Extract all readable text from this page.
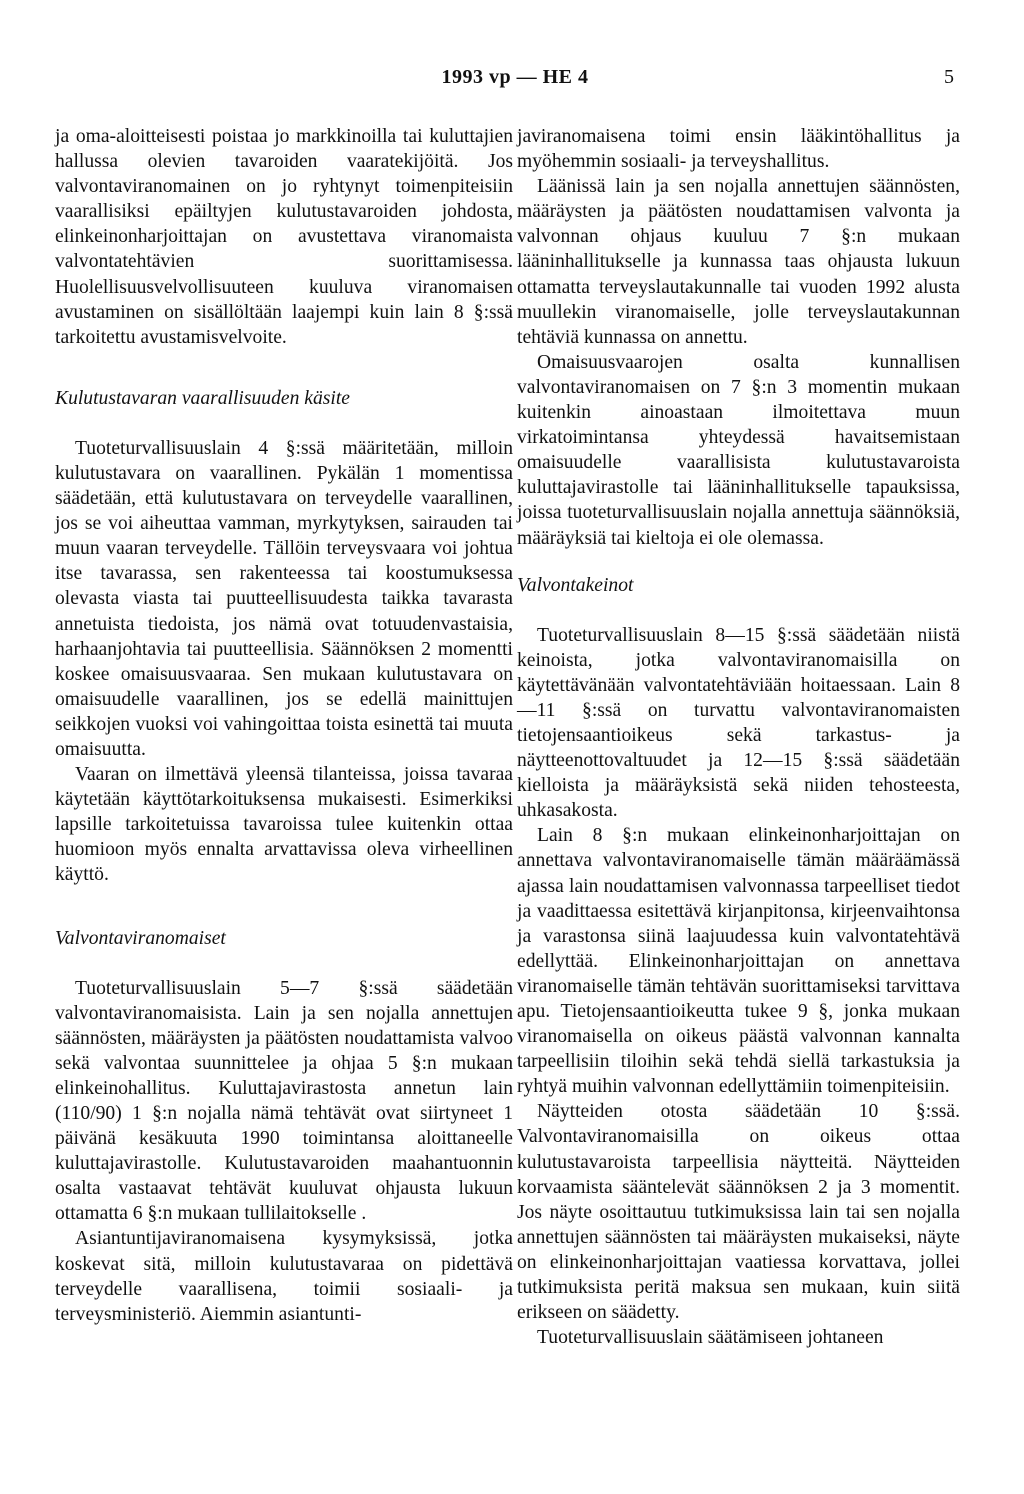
1993 vp — HE 4	5

ja oma-aloitteisesti poistaa jo markkinoilla tai kuluttajien hallussa olevien tavaroiden vaaratekijöitä. Jos valvontaviranomainen on jo ryhtynyt toimenpiteisiin vaarallisiksi epäiltyjen kulutustavaroiden johdosta, elinkeinonharjoittajan on avustettava viranomaista valvontatehtävien suorittamisessa. Huolellisuusvelvollisuuteen kuuluva viranomaisen avustaminen on sisällöltään laajempi kuin lain 8 §:ssä tarkoitettu avustamisvelvoite.

Kulutustavaran vaarallisuuden käsite

Tuoteturvallisuuslain 4 §:ssä määritetään, milloin kulutustavara on vaarallinen. Pykälän 1 momentissa säädetään, että kulutustavara on terveydelle vaarallinen, jos se voi aiheuttaa vamman, myrkytyksen, sairauden tai muun vaaran terveydelle. Tällöin terveysvaara voi johtua itse tavarassa, sen rakenteessa tai koostumuksessa olevasta viasta tai puutteellisuudesta taikka tavarasta annetuista tiedoista, jos nämä ovat totuudenvastaisia, harhaanjohtavia tai puutteellisia. Säännöksen 2 momentti koskee omaisuusvaaraa. Sen mukaan kulutustavara on omaisuudelle vaarallinen, jos se edellä mainittujen seikkojen vuoksi voi vahingoittaa toista esinettä tai muuta omaisuutta.

Vaaran on ilmettävä yleensä tilanteissa, joissa tavaraa käytetään käyttötarkoituksensa mukaisesti. Esimerkiksi lapsille tarkoitetuissa tavaroissa tulee kuitenkin ottaa huomioon myös ennalta arvattavissa oleva virheellinen käyttö.

Valvontaviranomaiset

Tuoteturvallisuuslain 5—7 §:ssä säädetään valvontaviranomaisista. Lain ja sen nojalla annettujen säännösten, määräysten ja päätösten noudattamista valvoo sekä valvontaa suunnittelee ja ohjaa 5 §:n mukaan elinkeinohallitus. Kuluttajavirastosta annetun lain (110/90) 1 §:n nojalla nämä tehtävät ovat siirtyneet 1 päivänä kesäkuuta 1990 toimintansa aloittaneelle kuluttajavirastolle. Kulutustavaroiden maahantuonnin osalta vastaavat tehtävät kuuluvat ohjausta lukuun ottamatta 6 §:n mukaan tullilaitokselle .

Asiantuntijaviranomaisena kysymyksissä, jotka koskevat sitä, milloin kulutustavaraa on pidettävä terveydelle vaarallisena, toimii sosiaali- ja terveysministeriö. Aiemmin asiantunti-

javiranomaisena toimi ensin lääkintöhallitus ja myöhemmin sosiaali- ja terveyshallitus.

Läänissä lain ja sen nojalla annettujen säännösten, määräysten ja päätösten noudattamisen valvonta ja valvonnan ohjaus kuuluu 7 §:n mukaan lääninhallitukselle ja kunnassa taas ohjausta lukuun ottamatta terveyslautakunnalle tai vuoden 1992 alusta muullekin viranomaiselle, jolle terveyslautakunnan tehtäviä kunnassa on annettu.

Omaisuusvaarojen osalta kunnallisen valvontaviranomaisen on 7 §:n 3 momentin mukaan kuitenkin ainoastaan ilmoitettava muun virkatoimintansa yhteydessä havaitsemistaan omaisuudelle vaarallisista kulutustavaroista kuluttajavirastolle tai lääninhallitukselle tapauksissa, joissa tuoteturvallisuuslain nojalla annettuja säännöksiä, määräyksiä tai kieltoja ei ole olemassa.

Valvontakeinot

Tuoteturvallisuuslain 8—15 §:ssä säädetään niistä keinoista, jotka valvontaviranomaisilla on käytettävänään valvontatehtäviään hoitaessaan. Lain 8—11 §:ssä on turvattu valvontaviranomaisten tietojensaantioikeus sekä tarkastus- ja näytteenottovaltuudet ja 12—15 §:ssä säädetään kielloista ja määräyksistä sekä niiden tehosteesta, uhkasakosta.

Lain 8 §:n mukaan elinkeinonharjoittajan on annettava valvontaviranomaiselle tämän määräämässä ajassa lain noudattamisen valvonnassa tarpeelliset tiedot ja vaadittaessa esitettävä kirjanpitonsa, kirjeenvaihtonsa ja varastonsa siinä laajuudessa kuin valvontatehtävä edellyttää. Elinkeinonharjoittajan on annettava viranomaiselle tämän tehtävän suorittamiseksi tarvittava apu. Tietojensaantioikeutta tukee 9 §, jonka mukaan viranomaisella on oikeus päästä valvonnan kannalta tarpeellisiin tiloihin sekä tehdä siellä tarkastuksia ja ryhtyä muihin valvonnan edellyttämiin toimenpiteisiin.

Näytteiden otosta säädetään 10 §:ssä. Valvontaviranomaisilla on oikeus ottaa kulutustavaroista tarpeellisia näytteitä. Näytteiden korvaamista sääntelevät säännöksen 2 ja 3 momentit. Jos näyte osoittautuu tutkimuksissa lain tai sen nojalla annettujen säännösten tai määräysten mukaiseksi, näyte on elinkeinonharjoittajan vaatiessa korvattava, jollei tutkimuksista peritä maksua sen mukaan, kuin siitä erikseen on säädetty.

Tuoteturvallisuuslain säätämiseen johtaneen
